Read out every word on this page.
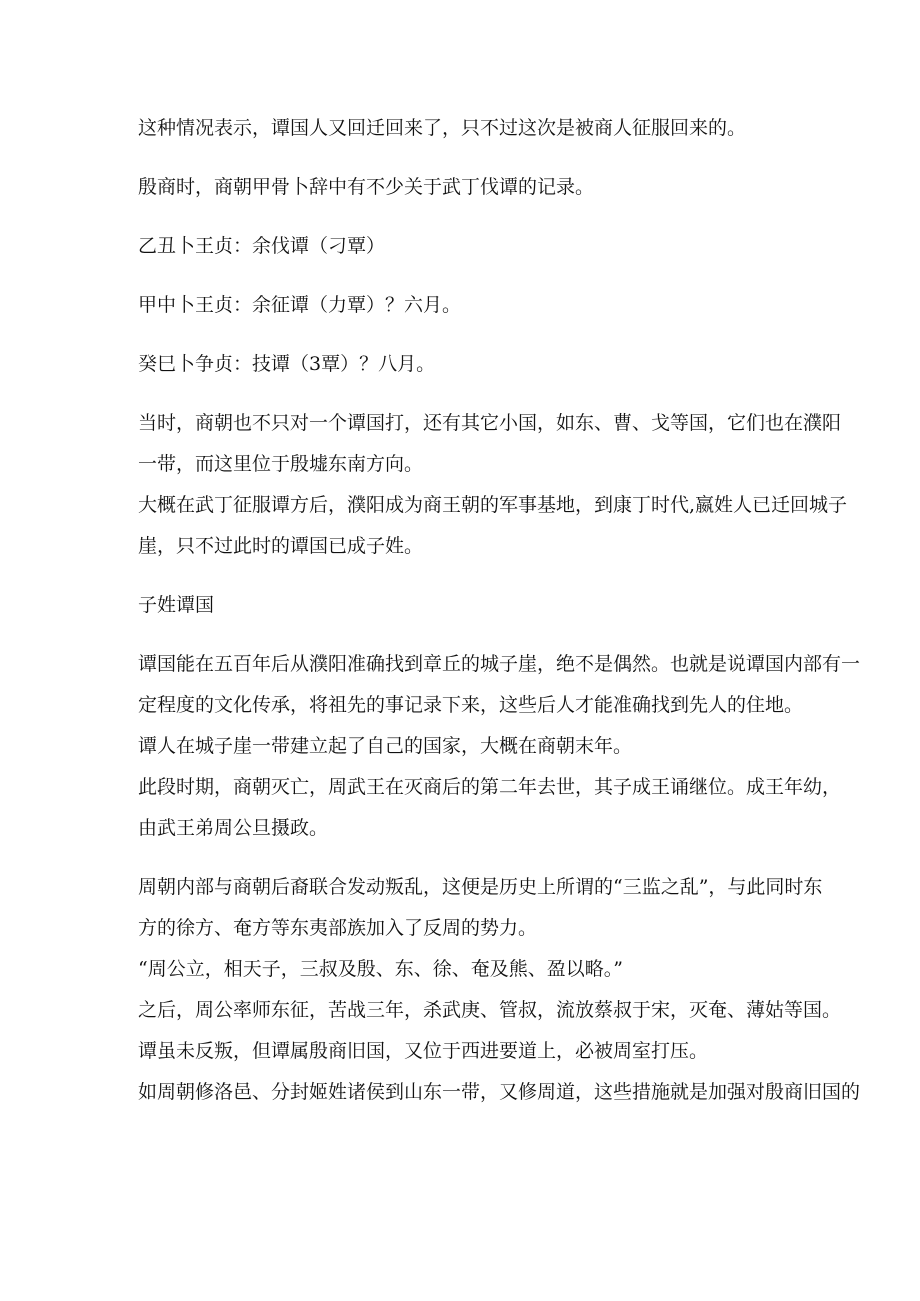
这种情况表示，谭国人又回迁回来了，只不过这次是被商人征服回来的。

殷商时，商朝甲骨卜辞中有不少关于武丁伐谭的记录。

乙丑卜王贞：余伐谭（刁覃）

甲中卜王贞：余征谭（力覃）？六月。

癸巳卜争贞：技谭（3覃）？八月。

当时，商朝也不只对一个谭国打，还有其它小国，如东、曹、戈等国，它们也在濮阳

一带，而这里位于殷墟东南方向。

大概在武丁征服谭方后，濮阳成为商王朝的军事基地，到康丁时代,嬴姓人已迁回城子

崖，只不过此时的谭国已成子姓。

子姓谭国

谭国能在五百年后从濮阳准确找到章丘的城子崖，绝不是偶然。也就是说谭国内部有一

定程度的文化传承，将祖先的事记录下来，这些后人才能准确找到先人的住地。

谭人在城子崖一带建立起了自己的国家，大概在商朝末年。

此段时期，商朝灭亡，周武王在灭商后的第二年去世，其子成王诵继位。成王年幼，

由武王弟周公旦摄政。

周朝内部与商朝后裔联合发动叛乱，这便是历史上所谓的“三监之乱”，与此同时东

方的徐方、奄方等东夷部族加入了反周的势力。

“周公立，相天子，三叔及殷、东、徐、奄及熊、盈以略。”

之后，周公率师东征，苦战三年，杀武庚、管叔，流放蔡叔于宋，灭奄、薄姑等国。

谭虽未反叛，但谭属殷商旧国，又位于西进要道上，必被周室打压。

如周朝修洛邑、分封姬姓诸侯到山东一带，又修周道，这些措施就是加强对殷商旧国的
